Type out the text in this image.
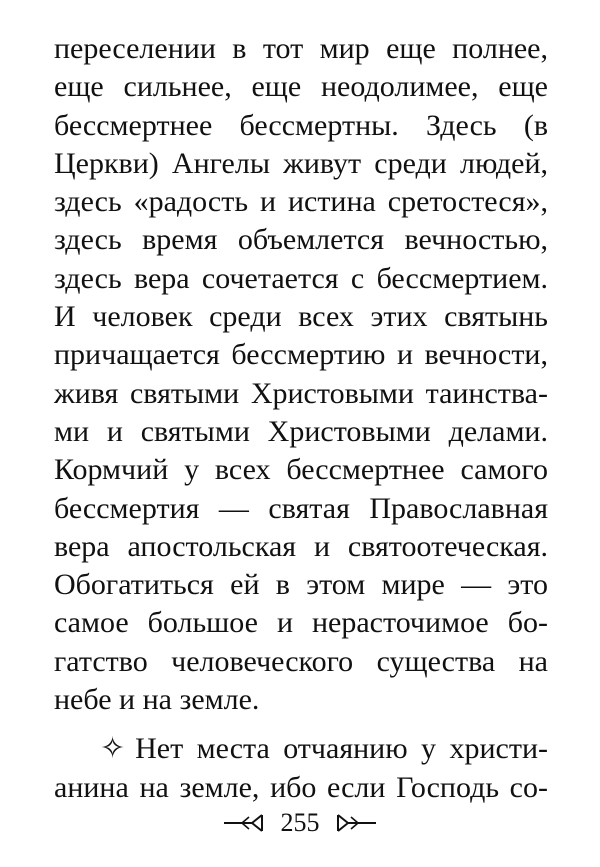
переселении в тот мир еще полнее,
еще сильнее, еще неодолимее, еще
бессмертнее бессмертны. Здесь (в
Церкви) Ангелы живут среди людей,
здесь «радость и истина сретостеся»,
здесь время объемлется вечностью,
здесь вера сочетается с бессмертием.
И человек среди всех этих святынь
причащается бессмертию и вечности,
живя святыми Христовыми таинства-
ми и святыми Христовыми делами.
Кормчий у всех бессмертнее самого
бессмертия — святая Православная
вера апостольская и святоотеческая.
Обогатиться ей в этом мире — это
самое большое и нерасточимое бо-
гатство человеческого существа на
небе и на земле.
✧ Нет места отчаянию у христи-
анина на земле, ибо если Господь со-
255
